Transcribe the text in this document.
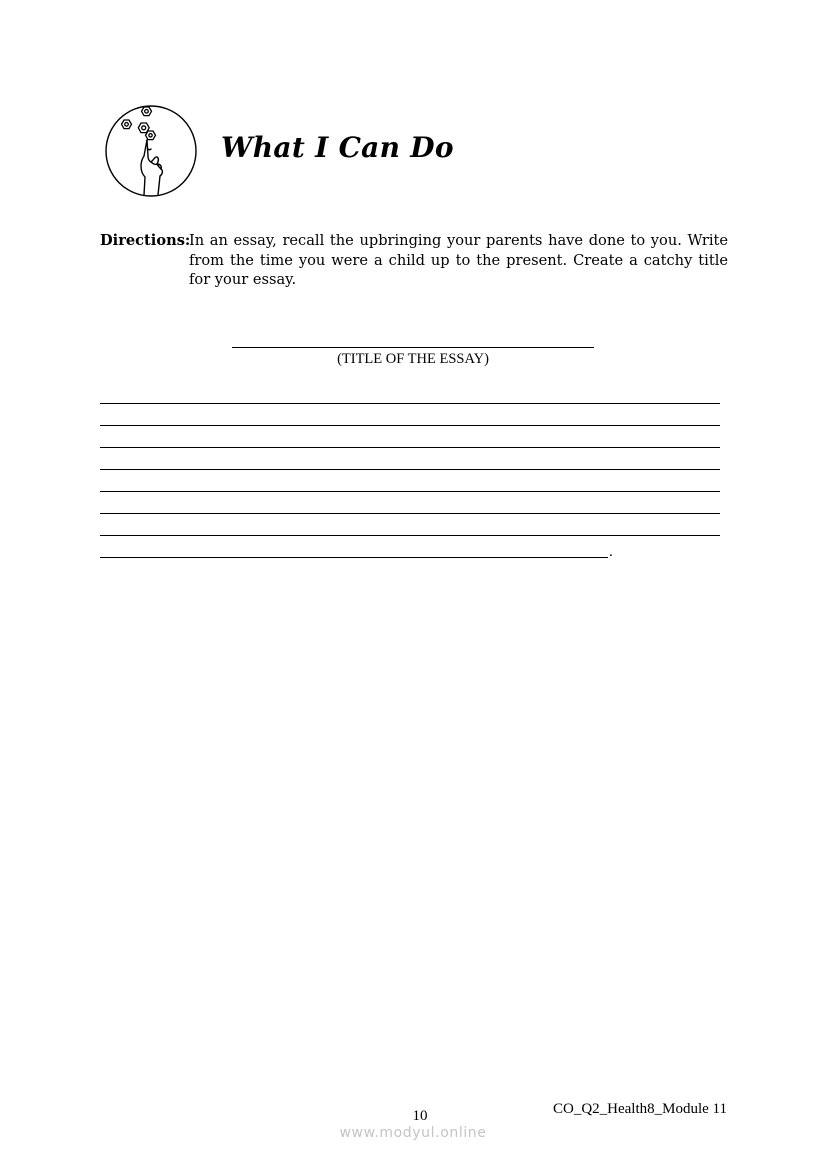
What I Can Do
Directions:
In an essay, recall the upbringing your parents have done to you. Write from the time you were a child up to the present. Create a catchy title for your essay.
(TITLE OF THE ESSAY)
.
10	CO_Q2_Health8_Module 11
www.modyul.online
